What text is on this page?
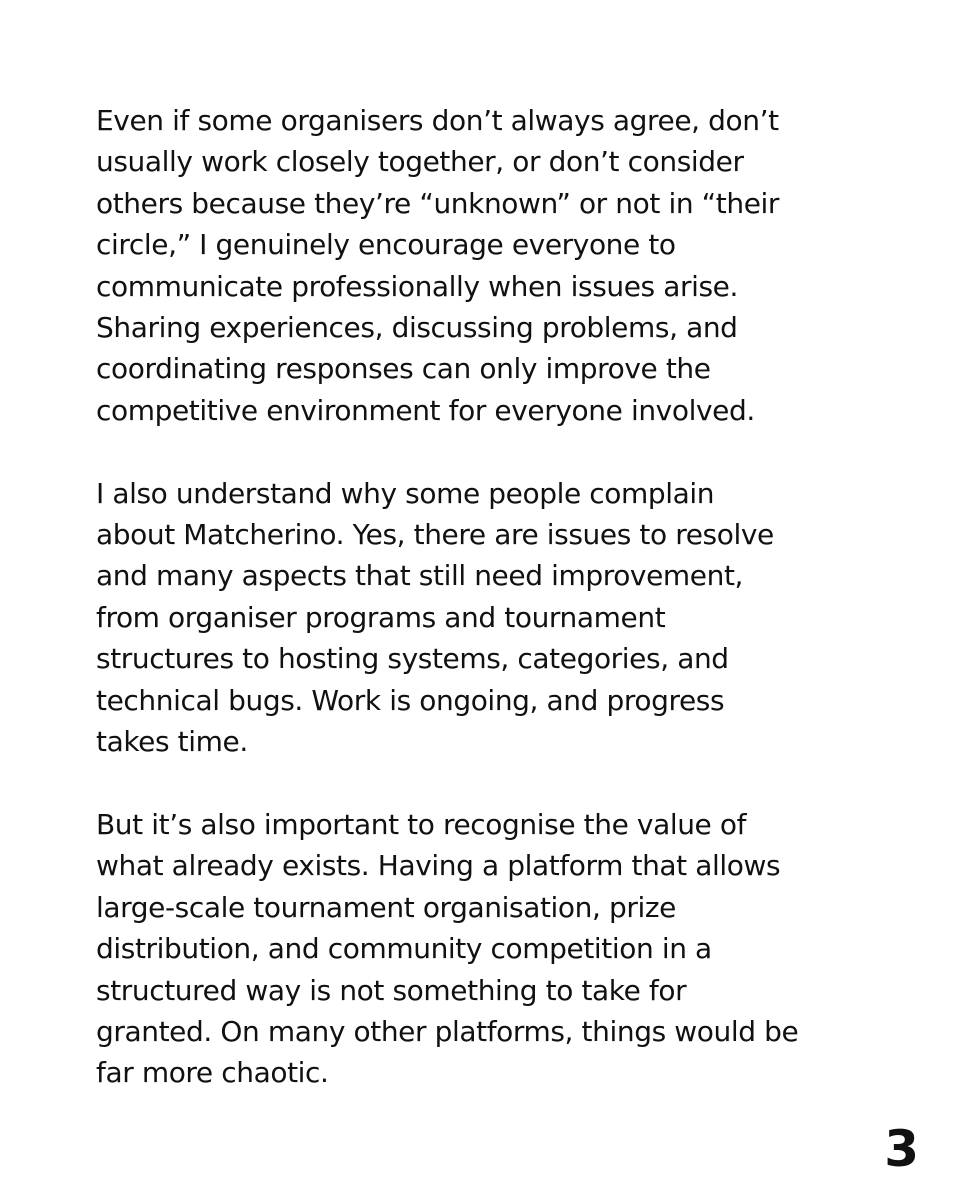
Even if some organisers don’t always agree, don’t
usually work closely together, or don’t consider
others because they’re “unknown” or not in “their
circle,” I genuinely encourage everyone to
communicate professionally when issues arise.
Sharing experiences, discussing problems, and
coordinating responses can only improve the
competitive environment for everyone involved.

I also understand why some people complain
about Matcherino. Yes, there are issues to resolve
and many aspects that still need improvement,
from organiser programs and tournament
structures to hosting systems, categories, and
technical bugs. Work is ongoing, and progress
takes time.

But it’s also important to recognise the value of
what already exists. Having a platform that allows
large-scale tournament organisation, prize
distribution, and community competition in a
structured way is not something to take for
granted. On many other platforms, things would be
far more chaotic.

3
